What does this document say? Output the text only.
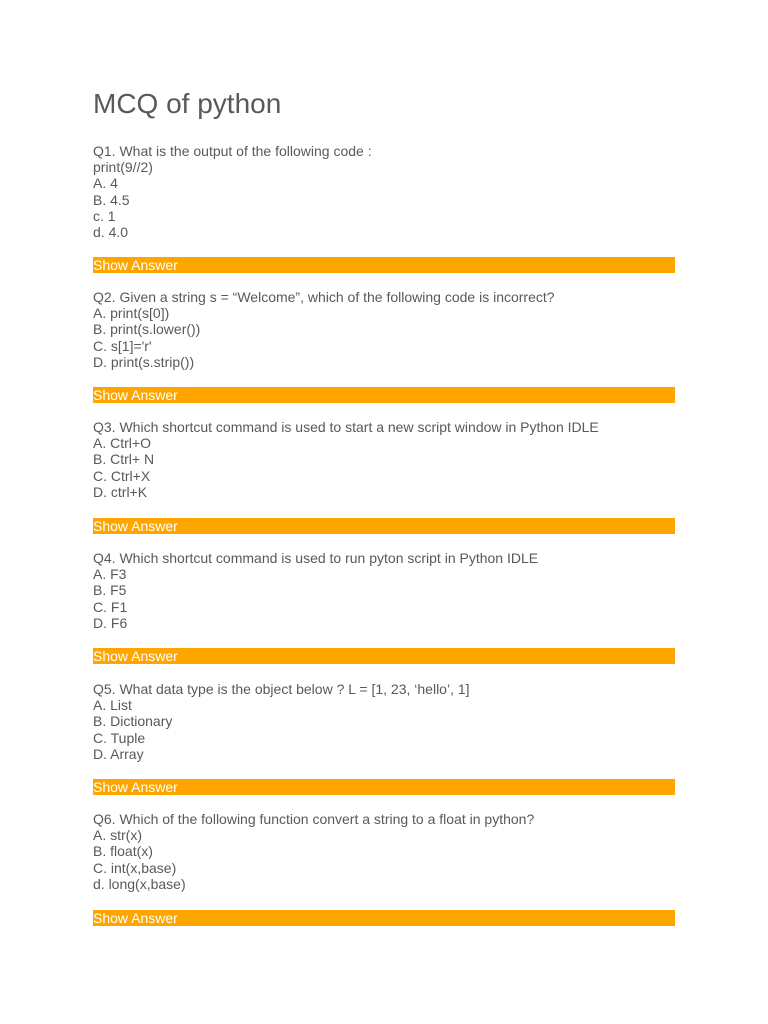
MCQ of python
Q1. What is the output of the following code :
print(9//2)
A. 4
B. 4.5
c. 1
d. 4.0
Show Answer
Q2. Given a string s = “Welcome”, which of the following code is incorrect?
A. print(s[0])
B. print(s.lower())
C. s[1]='r'
D. print(s.strip())
Show Answer
Q3. Which shortcut command is used to start a new script window in Python IDLE
A. Ctrl+O
B. Ctrl+ N
C. Ctrl+X
D. ctrl+K
Show Answer
Q4. Which shortcut command is used to run pyton script in Python IDLE
A. F3
B. F5
C. F1
D. F6
Show Answer
Q5. What data type is the object below ? L = [1, 23, ‘hello’, 1]
A. List
B. Dictionary
C. Tuple
D. Array
Show Answer
Q6. Which of the following function convert a string to a float in python?
A. str(x)
B. float(x)
C. int(x,base)
d. long(x,base)
Show Answer
